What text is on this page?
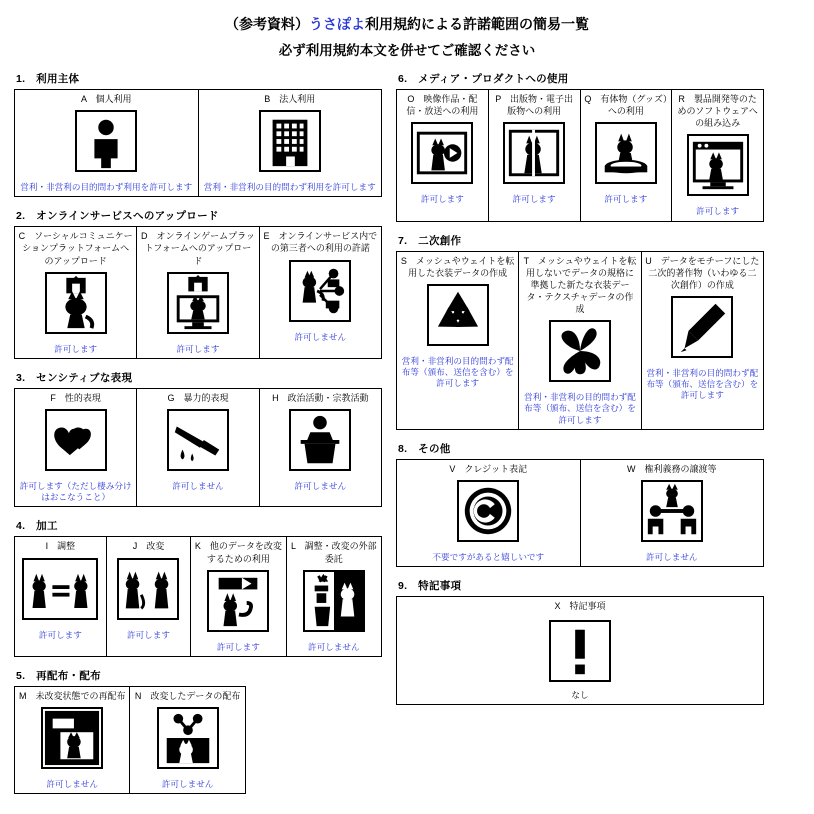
（参考資料）うさぽよ利用規約による許諾範囲の簡易一覧
必ず利用規約本文を併せてご確認ください
1.　利用主体
A　個人利用
営利・非営利の目的問わず利用を許可します

B　法人利用
営利・非営利の目的問わず利用を許可します
2.　オンラインサービスへのアップロード
C　ソーシャルコミュニケーションプラットフォームへのアップロード
許可します

D　オンラインゲームプラットフォームへのアップロード
許可します

E　オンラインサービス内での第三者への利用の許諾
許可しません
3.　センシティブな表現
F　性的表現
許可します（ただし棲み分けはおこなうこと）

G　暴力的表現
許可しません

H　政治活動・宗教活動
許可しません
4.　加工
I　調整
許可します

J　改変
許可します

K　他のデータを改変するための利用
許可します

L　調整・改変の外部委託
許可しません
5.　再配布・配布
M　未改変状態での再配布
許可しません

N　改変したデータの配布
許可しません
6.　メディア・プロダクトへの使用
O　映像作品・配信・放送への利用
許可します

P　出版物・電子出版物への利用
許可します

Q　有体物（グッズ）への利用
許可します

R　製品開発等のためのソフトウェアへの組み込み
許可します
7.　二次創作
S　メッシュやウェイトを転用した衣装データの作成
営利・非営利の目的問わず配布等（頒布、送信を含む）を許可します

T　メッシュやウェイトを転用しないでデータの規格に準拠した新たな衣装データ・テクスチャデータの作成
営利・非営利の目的問わず配布等（頒布、送信を含む）を許可します

U　データをモチーフにした二次的著作物（いわゆる二次創作）の作成
営利・非営利の目的問わず配布等（頒布、送信を含む）を許可します
8.　その他
V　クレジット表記
不要ですがあると嬉しいです

W　権利義務の譲渡等
許可しません
9.　特記事項
X　特記事項
なし
